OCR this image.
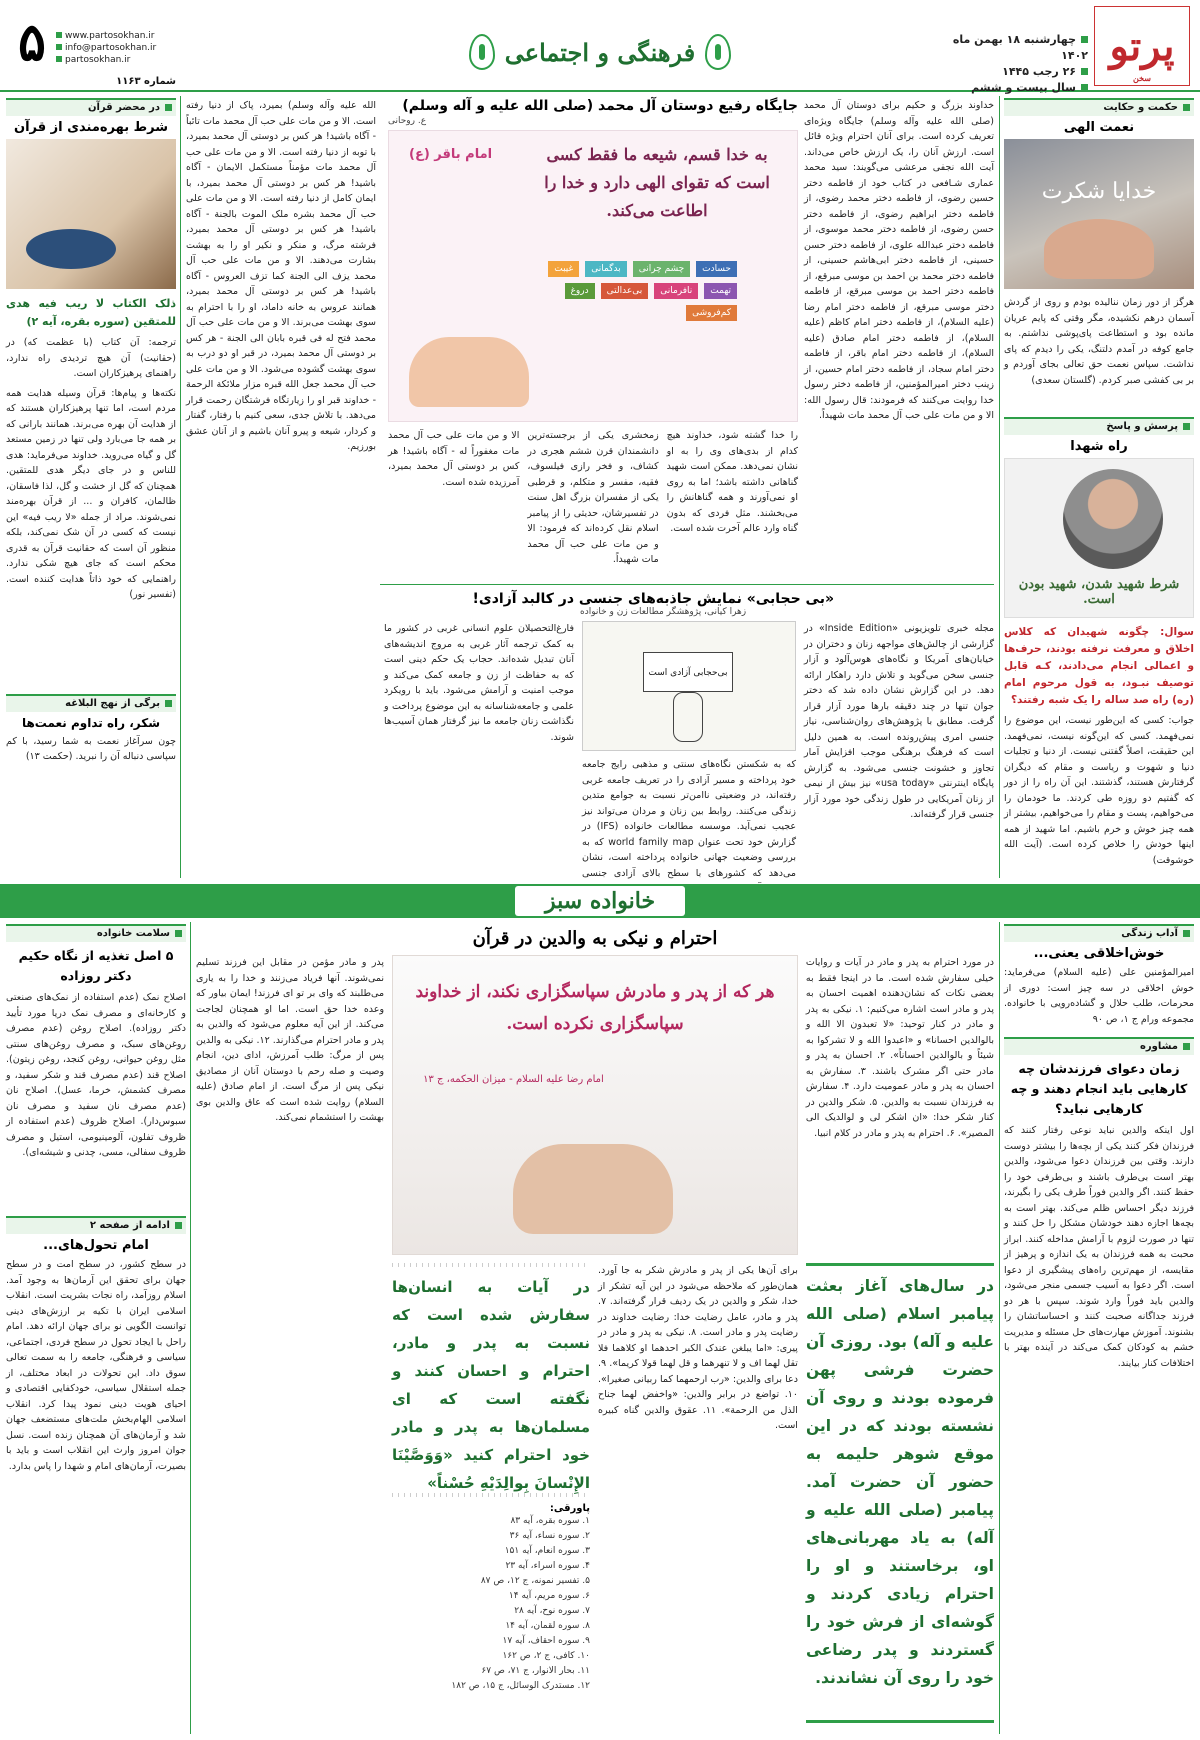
پرتو
سخن
چهارشنبه ۱۸ بهمن ماه ۱۴۰۲
۲۶ رجب ۱۴۴۵
سال بیست و ششم
فرهنگی و اجتماعی
www.partosokhan.ir
info@partosokhan.ir
partosokhan.ir
شماره ۱۱۶۳
۵
حکمت و حکایت
نعمت الهی
خدایا شکرت
هرگز از دور زمان ننالیده بودم و روی از گردش آسمان درهم نکشیده، مگر وقتی که پایم عریان مانده بود و استطاعت پای‌پوشی نداشتم. به جامع کوفه در آمدم دلتنگ، یکی را دیدم که پای نداشت. سپاس نعمت حق تعالی بجای آوردم و بر بی کفشی صبر کردم. (گلستان سعدی)
پرسش و پاسخ
راه شهدا
شرط شهید شدن، شهید بودن است.
سوال: چگونه شهیدان که کلاس اخلاق و معرفت نرفته بودند، حرف‌ها و اعمالی انجام می‌دادند، کـه قابل توصیف نبـود، به قول مرحوم امام (ره) راه صد ساله را یک شبه رفتند؟
جواب: کسی که این‌طور نیست، این موضوع را نمی‌فهمد. کسی که این‌گونه نیست، نمی‌فهمد. این حقیقت، اصلاً گفتنی نیست. از دنیا و تجلیات دنیا و شهوت و ریاست و مقام که دیگران گرفتارش هستند، گذشتند. این آن راه را از دور که گفتیم دو روزه طی کردند. ما خودمان را می‌خواهیم، پست و مقام را می‌خواهیم، بیشتر از همه چیز خوش و خرم باشیم. اما شهید از همه اینها خودش را خلاص کرده است. (آیت الله خوشوقت)
خداوند بزرگ و حکیم برای دوستان آل محمد (صلی الله علیه وآله وسلم) جایگاه ویژه‌ای تعریف کرده است. برای آنان احترام ویژه قائل است. ارزش آنان را، یک ارزش خاص می‌داند. آیت الله نجفی مرعشی می‌گویند: سید محمد عماری شـافعی در کتاب خود از فاطمه دختر حسین رضوی، از فاطمه دختر محمد رضوی، از فاطمه دختر ابراهیم رضوی، از فاطمه دختر حسن رضوی، از فاطمه دختر محمد موسوی، از فاطمه دختر عبدالله علوی، از فاطمه دختر حسن حسینی، از فاطمه دختر ابی‌هاشم حسینی، از فاطمه دختر محمد بن احمد بن موسی مبرقع، از فاطمه دختر احمد بن موسی مبرقع، از فاطمه دختر موسی مبرقع، از فاطمه دختر امام رضا (علیه السلام)، از فاطمه دختر امام کاظم (علیه السلام)، از فاطمه دختر امام صادق (علیه السلام)، از فاطمه دختر امام باقر، از فاطمه دختر امام سجاد، از فاطمه دختر امام حسین، از زینب دختر امیرالمؤمنین، از فاطمه دختر رسول خدا روایت می‌کنند که فرمودند: قال رسول الله: الا و من مات علی حب آل محمد مات شهیداً.
جایگاه رفیع دوستان آل محمد (صلی الله علیه و آله وسلم)
ع. روحانی
به خدا قسم، شیعه ما فقط کسی است که تقوای الهی دارد و خدا را اطاعت می‌کند.
امام باقر (ع)
حسادت
چشم چرانی
بدگمانی
غیبت
تهمت
نافرمانی
بی‌عدالتی
دروغ
کم‌فروشی
را خدا گشته شود، خداوند هیچ کدام از بدی‌های وی را به او نشان نمی‌دهد. ممکن است شهید گناهانی داشته باشد؛ اما به روی او نمی‌آورند و همه گناهانش را می‌بخشند. مثل فردی که بدون گناه وارد عالم آخرت شده است.
زمخشری یکی از برجسته‌ترین دانشمندان قرن ششم هجری در کشاف، و فخر رازی فیلسوف، فقیه، مفسر و متکلم، و قرطبی یکی از مفسران بزرگ اهل سنت در تفسیرشان، حدیثی را از پیامبر اسلام نقل کرده‌اند که فرمود: الا و من مات علی حب آل محمد مات شهیداً.
الا و من مات علی حب آل محمد مات مغفوراً له - آگاه باشید! هر کس بر دوستی آل محمد بمیرد، آمرزیده شده است.
الله علیه وآله وسلم) بمیرد، پاک از دنیا رفته است. الا و من مات علی حب آل محمد مات تائباً - آگاه باشید! هر کس بر دوستی آل محمد بمیرد، با توبه از دنیا رفته است. الا و من مات علی حب آل محمد مات مؤمناً مستکمل الایمان - آگاه باشید! هر کس بر دوستی آل محمد بمیرد، با ایمان کامل از دنیا رفته است. الا و من مات علی حب آل محمد بشره ملک الموت بالجنة - آگاه باشید! هر کس بر دوستی آل محمد بمیرد، فرشته مرگ، و منکر و نکیر او را به بهشت بشارت می‌دهند. الا و من مات علی حب آل محمد یزف الی الجنة کما تزف العروس - آگاه باشید! هر کس بر دوستی آل محمد بمیرد، همانند عروس به خانه داماد، او را با احترام به سوی بهشت می‌برند. الا و من مات علی حب آل محمد فتح له فی قبره بابان الی الجنة - هر کس بر دوستی آل محمد بمیرد، در قبر او دو درب به سوی بهشت گشوده می‌شود. الا و من مات علی حب آل محمد جعل الله قبره مزار ملائکة الرحمة - خداوند قبر او را زیارتگاه فرشتگان رحمت قرار می‌دهد. با تلاش جدی، سعی کنیم با رفتار، گفتار و کردار، شیعه و پیرو آنان باشیم و از آنان عشق بورزیم.
«بی حجابی» نمایش جاذبه‌های جنسی در کالبد آزادی!
زهرا کیانی، پژوهشگر مطالعات زن و خانواده
مجله خبری تلویزیونی «Inside Edition» در گزارشی از چالش‌های مواجهه زنان و دختران در خیابان‌های آمریکا و نگاه‌های هوس‌آلود و آزار جنسی سخن می‌گوید و تلاش دارد راهکار ارائه دهد. در این گزارش نشان داده شد که دختر جوان تنها در چند دقیقه بارها مورد آزار قرار گرفت. مطابق با پژوهش‌های روان‌شناسی، نیاز جنسی امری پیش‌رونده است. به همین دلیل است که فرهنگ برهنگی موجب افزایش آمار تجاوز و خشونت جنسی می‌شود. به گزارش پایگاه اینترنتی «usa today» نیز بیش از نیمی از زنان آمریکایی در طول زندگی خود مورد آزار جنسی قرار گرفته‌اند.
بی‌حجابی آزادی است
که به شکستن نگاه‌های سنتی و مذهبی رایج جامعه خود پرداخته و مسیر آزادی را در تعریف جامعه غربی رفته‌اند، در وضعیتی ناامن‌تر نسبت به جوامع متدین زندگی می‌کنند. روابط بین زنان و مردان می‌تواند نیز عجیب نمی‌آید. موسسه مطالعات خانواده (IFS) در گزارش خود تحت عنوان world family map که به بررسی وضعیت جهانی خانواده پرداخته است، نشان می‌دهد که کشورهای با سطح بالای آزادی جنسی
فارغ‌التحصیلان علوم انسانی غربی در کشور ما به کمک ترجمه آثار غربی به مروج اندیشه‌های آنان تبدیل شده‌اند. حجاب یک حکم دینی است که به حفاظت از زن و جامعه کمک می‌کند و موجب امنیت و آرامش می‌شود. باید با رویکرد علمی و جامعه‌شناسانه به این موضوع پرداخت و نگذاشت زنان جامعه ما نیز گرفتار همان آسیب‌ها شوند.
در محضر قرآن
شرط بهره‌مندی از قرآن
ذلک الکتاب لا ریب فیه هدی للمتقین (سوره بقره، آیه ۲)
ترجمه: آن کتاب (با عظمت که) در (حقانیت) آن هیچ تردیدی راه ندارد، راهنمای پرهیزکاران است.
نکته‌ها و پیام‌ها: قرآن وسیله هدایت همه مردم است، اما تنها پرهیزکاران هستند که از هدایت آن بهره می‌برند. همانند بارانی که بر همه جا می‌بارد ولی تنها در زمین مستعد گل و گیاه می‌روید. خداوند می‌فرماید: هدی للناس و در جای دیگر هدی للمتقین. همچنان که گل از خشت و گل، لذا فاسقان، ظالمان، کافران و ... از قرآن بهره‌مند نمی‌شوند. مراد از جمله «لا ریب فیه» این نیست که کسی در آن شک نمی‌کند، بلکه منظور آن است که حقانیت قرآن به قدری محکم است که جای هیچ شکی ندارد. راهنمایی که خود ذاتاً هدایت کننده است. (تفسیر نور)
برگی از نهج البلاغه
شکر، راه تداوم نعمت‌ها
چون سرآغاز نعمت به شما رسید، با کم سپاسی دنباله آن را نبرید. (حکمت ۱۳)
خانواده سبز
آداب زندگی
خوش‌اخلاقی یعنی...
امیرالمؤمنین علی (علیه السلام) می‌فرماید: خوش اخلاقی در سه چیز است: دوری از محرمات، طلب حلال و گشاده‌رویی با خانواده. مجموعه ورام ج ۱، ص ۹۰
مشاوره
زمان دعوای فرزندشان چه کارهایی باید انجام دهند و چه کارهایی نباید؟
اول اینکه والدین نباید نوعی رفتار کنند که فرزندان فکر کنند یکی از بچه‌ها را بیشتر دوست دارند. وقتی بین فرزندان دعوا می‌شود، والدین بهتر است بی‌طرف باشند و بی‌طرفی خود را حفظ کنند. اگر والدین فوراً طرف یکی را بگیرند، فرزند دیگر احساس ظلم می‌کند. بهتر است به بچه‌ها اجازه دهند خودشان مشکل را حل کنند و تنها در صورت لزوم با آرامش مداخله کنند. ابراز محبت به همه فرزندان به یک اندازه و پرهیز از مقایسه، از مهم‌ترین راه‌های پیشگیری از دعوا است. اگر دعوا به آسیب جسمی منجر می‌شود، والدین باید فوراً وارد شوند. سپس با هر دو فرزند جداگانه صحبت کنند و احساساتشان را بشنوند. آموزش مهارت‌های حل مسئله و مدیریت خشم به کودکان کمک می‌کند در آینده بهتر با اختلافات کنار بیایند.
احترام و نیکی به والدین در قرآن
در مورد احترام به پدر و مادر در آیات و روایات خیلی سفارش شده است. ما در اینجا فقط به بعضی نکات که نشان‌دهنده اهمیت احسان به پدر و مادر است اشاره می‌کنیم: ۱. نیکی به پدر و مادر در کنار توحید: «لا تعبدون الا الله و بالوالدین احسانا» و «اعبدوا الله و لا تشرکوا به شیئاً و بالوالدین احساناً». ۲. احسان به پدر و مادر حتی اگر مشرک باشند. ۳. سفارش به احسان به پدر و مادر عمومیت دارد. ۴. سفارش به فرزندان نسبت به والدین. ۵. شکر والدین در کنار شکر خدا: «ان اشکر لی و لوالدیک الی المصیر». ۶. احترام به پدر و مادر در کلام انبیا.
هر که از پدر و مادرش سپاسگزاری نکند، از خداوند سپاسگزاری نکرده است.
امام رضا علیه السلام - میزان الحکمه، ج ۱۳
پدر و مادر مؤمن در مقابل این فرزند تسلیم نمی‌شوند. آنها فریاد می‌زنند و خدا را به یاری می‌طلبند که وای بر تو ای فرزند! ایمان بیاور که وعده خدا حق است. اما او همچنان لجاجت می‌کند. از این آیه معلوم می‌شود که والدین به پدر و مادر احترام می‌گذارند. ۱۲. نیکی به والدین پس از مرگ: طلب آمرزش، ادای دین، انجام وصیت و صله رحم با دوستان آنان از مصادیق نیکی پس از مرگ است. از امام صادق (علیه السلام) روایت شده است که عاق والدین بوی بهشت را استشمام نمی‌کند.
در سال‌های آغاز بعثت پیامبر اسلام (صلی الله علیه و آله) بود. روزی آن حضرت فرشی پهن فرموده بودند و روی آن نشسته بودند که در این موقع شوهر حلیمه به حضور آن حضرت آمد. پیامبر (صلی الله علیه و آله) به یاد مهربانی‌های او، برخاستند و او را احترام زیادی کردند و گوشه‌ای از فرش خود را گستردند و پدر رضاعی خود را روی آن نشاندند.
برای آن‌ها یکی از پدر و مادرش شکر به جا آورد. همان‌طور که ملاحظه می‌شود در این آیه تشکر از خدا، شکر و والدین در یک ردیف قرار گرفته‌اند. ۷. پدر و مادر، عامل رضایت خدا: رضایت خداوند در رضایت پدر و مادر است. ۸. نیکی به پدر و مادر در پیری: «اما یبلغن عندک الکبر احدهما او کلاهما فلا تقل لهما اف و لا تنهرهما و قل لهما قولا کریما». ۹. دعا برای والدین: «رب ارحمهما کما ربیانی صغیرا». ۱۰. تواضع در برابر والدین: «واخفض لهما جناح الذل من الرحمة». ۱۱. عقوق والدین گناه کبیره است.
در آیات به انسان‌ها سفارش شده است که نسبت به پدر و مادر، احترام و احسان کنند و نگفته است که ای مسلمان‌ها به پدر و مادر خود احترام کنید «وَوَصَّیْنَا الإِنْسانَ بِوالِدَیْهِ حُسْناً»
پاورقی:
۱. سوره بقره، آیه ۸۳
۲. سوره نساء، آیه ۳۶
۳. سوره انعام، آیه ۱۵۱
۴. سوره اسراء، آیه ۲۳
۵. تفسیر نمونه، ج ۱۲، ص ۸۷
۶. سوره مریم، آیه ۱۴
۷. سوره نوح، آیه ۲۸
۸. سوره لقمان، آیه ۱۴
۹. سوره احقاف، آیه ۱۷
۱۰. کافی، ج ۲، ص ۱۶۲
۱۱. بحار الانوار، ج ۷۱، ص ۶۷
۱۲. مستدرک الوسائل، ج ۱۵، ص ۱۸۲
سلامت خانواده
۵ اصل تغذیه از نگاه حکیم دکتر روزاده
اصلاح نمک (عدم استفاده از نمک‌های صنعتی و کارخانه‌ای و مصرف نمک دریا مورد تأیید دکتر روزاده). اصلاح روغن (عدم مصرف روغن‌های سبک، و مصرف روغن‌های سنتی مثل روغن حیوانی، روغن کنجد، روغن زیتون). اصلاح قند (عدم مصرف قند و شکر سفید، و مصرف کشمش، خرما، عسل). اصلاح نان (عدم مصرف نان سفید و مصرف نان سبوس‌دار). اصلاح ظروف (عدم استفاده از ظروف تفلون، آلومینیومی، استیل و مصرف ظروف سفالی، مسی، چدنی و شیشه‌ای).
ادامه از صفحه ۲
امام تحول‌های...
در سطح کشور، در سطح امت و در سطح جهان برای تحقق این آرمان‌ها به وجود آمد. اسلام روزآمد، راه نجات بشریت است. انقلاب اسلامی ایران با تکیه بر ارزش‌های دینی توانست الگویی نو برای جهان ارائه دهد. امام راحل با ایجاد تحول در سطح فردی، اجتماعی، سیاسی و فرهنگی، جامعه را به سمت تعالی سوق داد. این تحولات در ابعاد مختلف، از جمله استقلال سیاسی، خودکفایی اقتصادی و احیای هویت دینی نمود پیدا کرد. انقلاب اسلامی الهام‌بخش ملت‌های مستضعف جهان شد و آرمان‌های آن همچنان زنده است. نسل جوان امروز وارث این انقلاب است و باید با بصیرت، آرمان‌های امام و شهدا را پاس بدارد.
